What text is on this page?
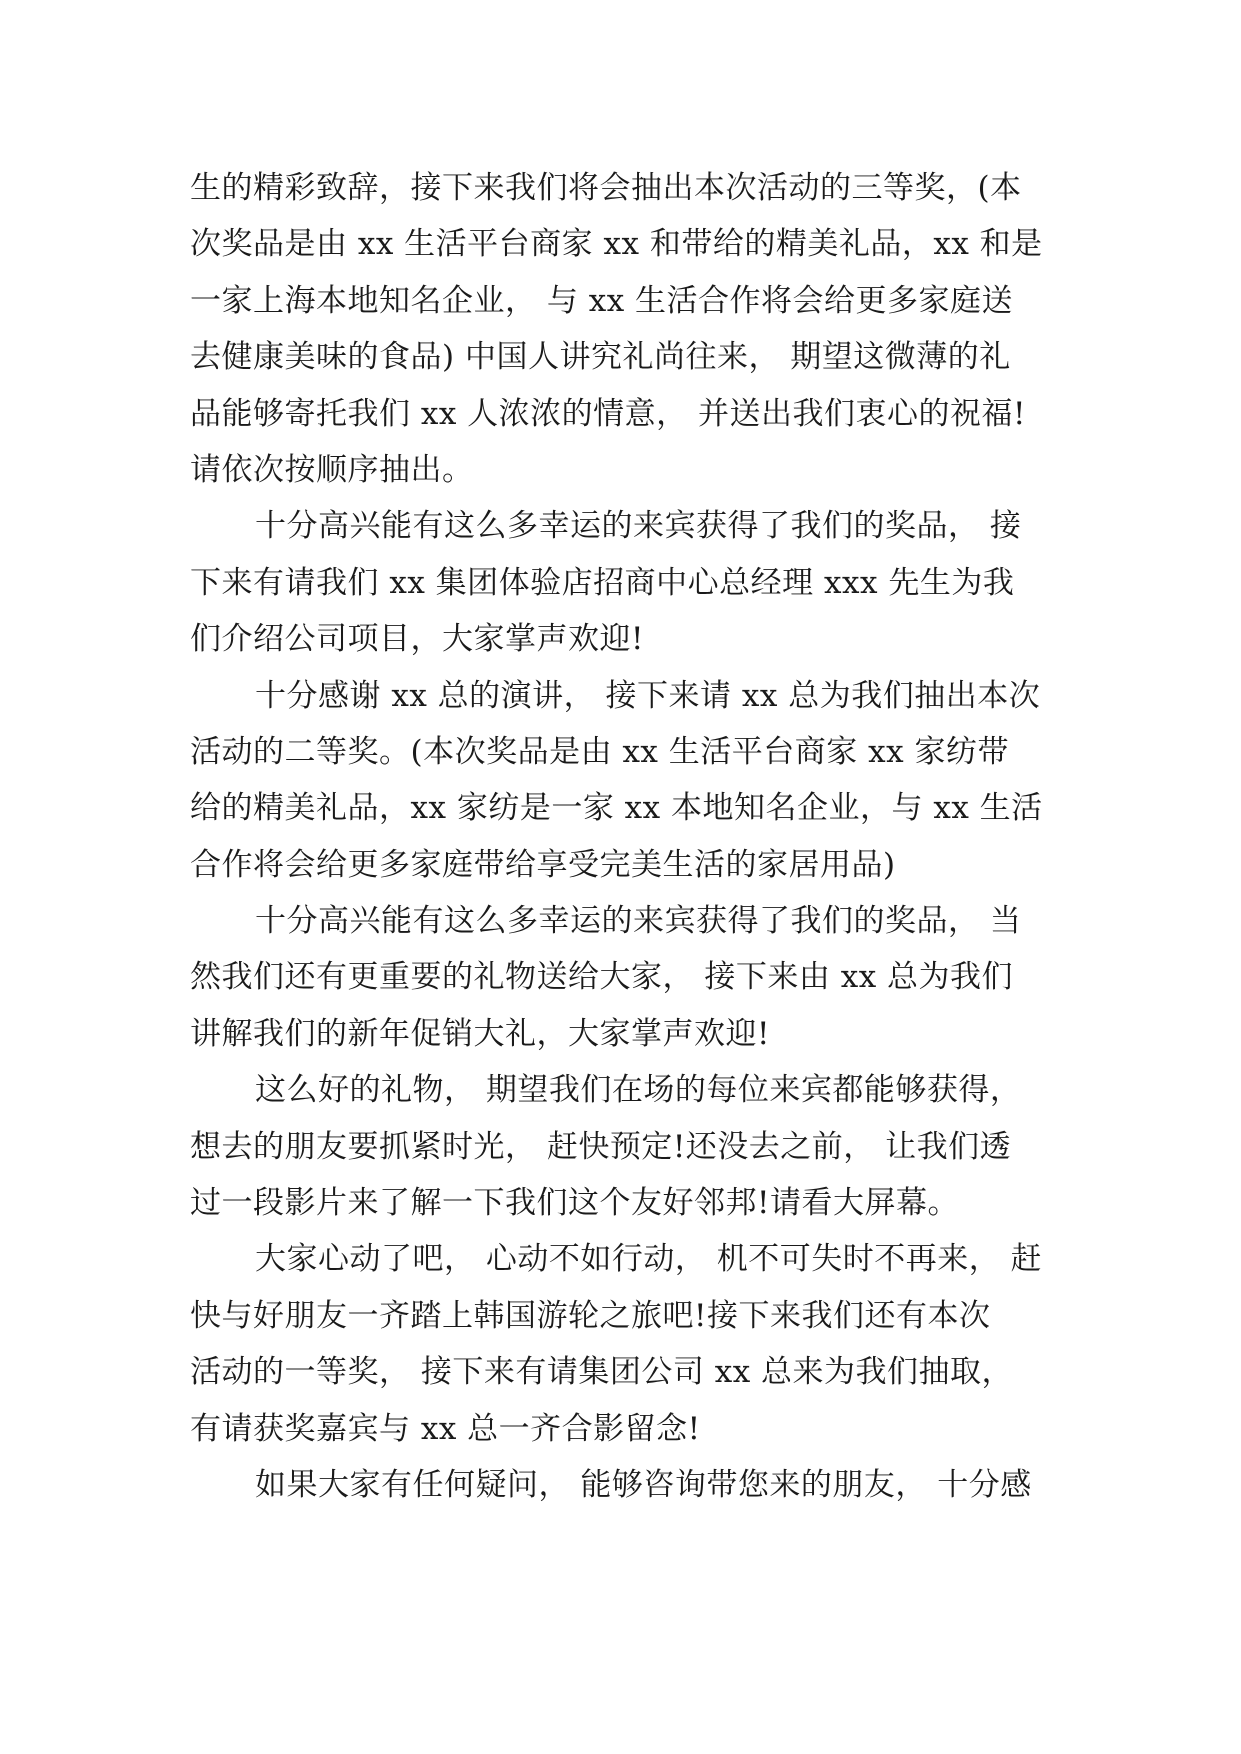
生的精彩致辞，接下来我们将会抽出本次活动的三等奖，(本
次奖品是由 xx 生活平台商家 xx 和带给的精美礼品，xx 和是
一家上海本地知名企业， 与 xx 生活合作将会给更多家庭送
去健康美味的食品) 中国人讲究礼尚往来， 期望这微薄的礼
品能够寄托我们 xx 人浓浓的情意， 并送出我们衷心的祝福!
请依次按顺序抽出。
十分高兴能有这么多幸运的来宾获得了我们的奖品， 接
下来有请我们 xx 集团体验店招商中心总经理 xxx 先生为我
们介绍公司项目，大家掌声欢迎!
十分感谢 xx 总的演讲， 接下来请 xx 总为我们抽出本次
活动的二等奖。(本次奖品是由 xx 生活平台商家 xx 家纺带
给的精美礼品，xx 家纺是一家 xx 本地知名企业，与 xx 生活
合作将会给更多家庭带给享受完美生活的家居用品)
十分高兴能有这么多幸运的来宾获得了我们的奖品， 当
然我们还有更重要的礼物送给大家， 接下来由 xx 总为我们
讲解我们的新年促销大礼，大家掌声欢迎!
这么好的礼物， 期望我们在场的每位来宾都能够获得，
想去的朋友要抓紧时光， 赶快预定!还没去之前， 让我们透
过一段影片来了解一下我们这个友好邻邦!请看大屏幕。
大家心动了吧， 心动不如行动， 机不可失时不再来， 赶
快与好朋友一齐踏上韩国游轮之旅吧!接下来我们还有本次
活动的一等奖， 接下来有请集团公司 xx 总来为我们抽取，
有请获奖嘉宾与 xx 总一齐合影留念!
如果大家有任何疑问， 能够咨询带您来的朋友， 十分感
